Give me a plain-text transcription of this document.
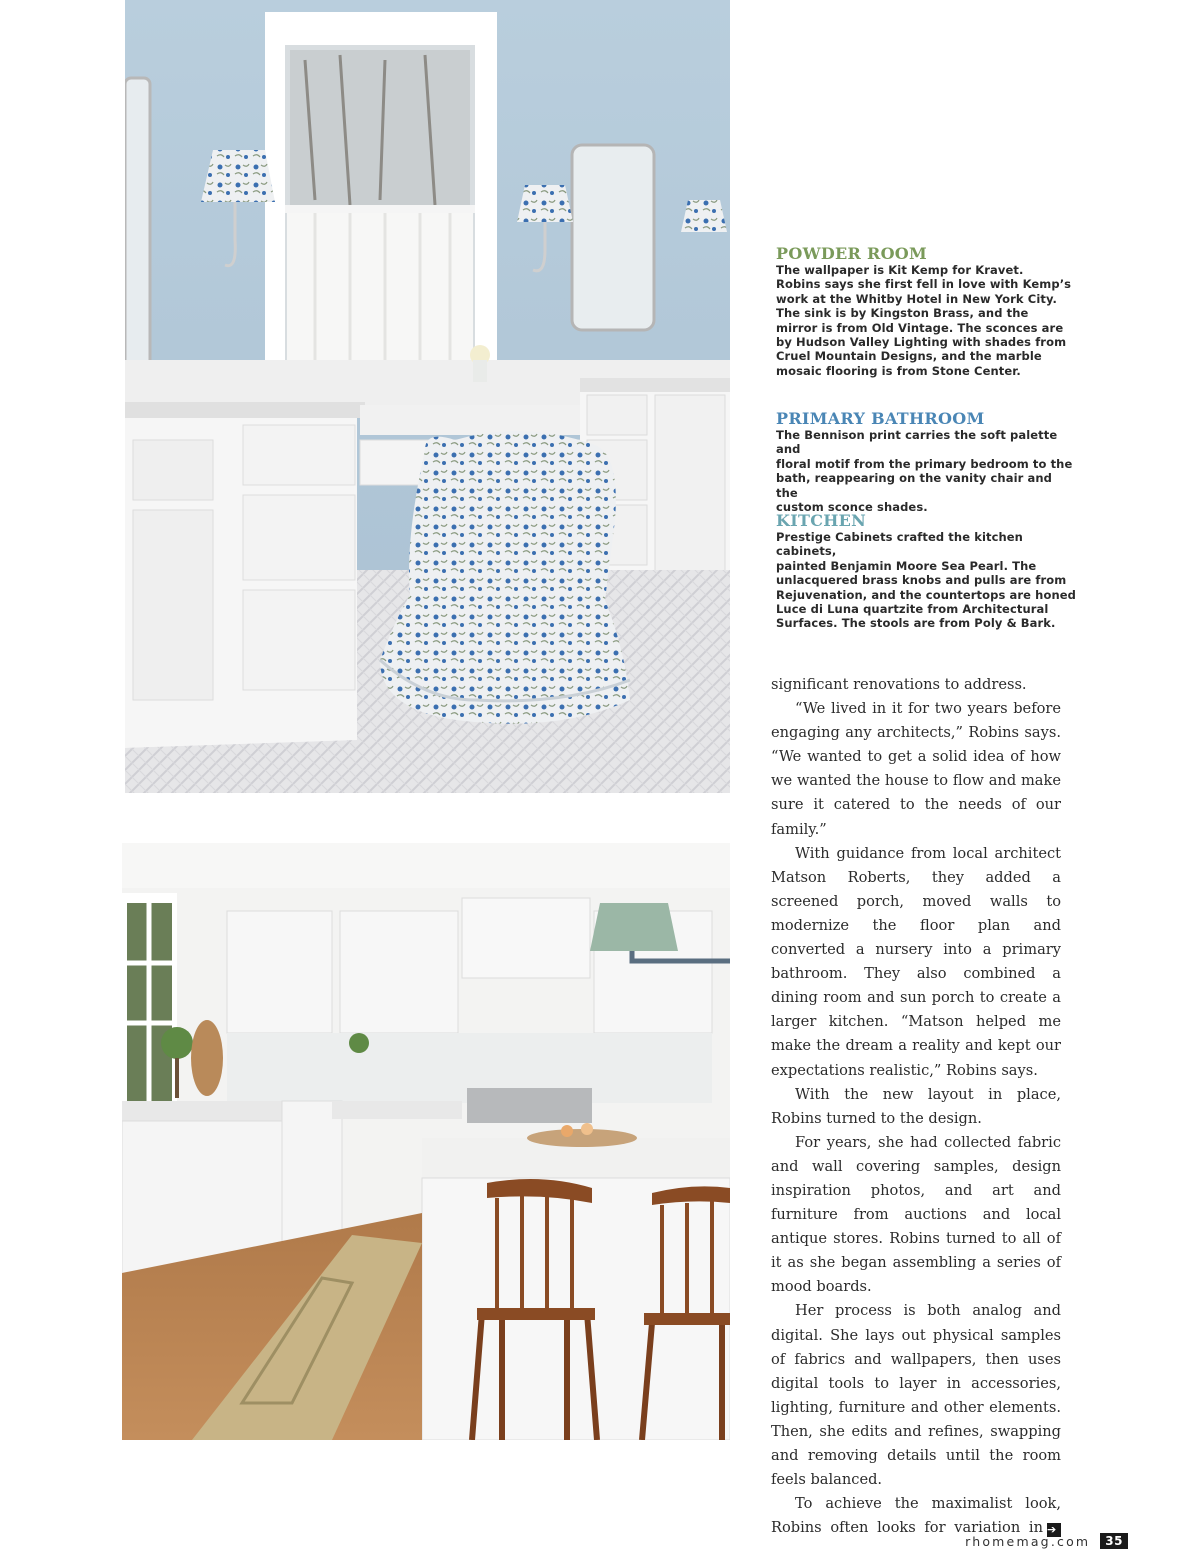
POWDER ROOM

The wallpaper is Kit Kemp for Kravet.
Robins says she first fell in love with Kemp’s
work at the Whitby Hotel in New York City.
The sink is by Kingston Brass, and the
mirror is from Old Vintage. The sconces are
by Hudson Valley Lighting with shades from
Cruel Mountain Designs, and the marble
mosaic flooring is from Stone Center.

PRIMARY BATHROOM

The Bennison print carries the soft palette and
floral motif from the primary bedroom to the
bath, reappearing on the vanity chair and the
custom sconce shades.

KITCHEN

Prestige Cabinets crafted the kitchen cabinets,
painted Benjamin Moore Sea Pearl. The
unlacquered brass knobs and pulls are from
Rejuvenation, and the countertops are honed
Luce di Luna quartzite from Architectural
Surfaces. The stools are from Poly & Bark.

significant renovations to address.

“We lived in it for two years before engaging any architects,” Robins says. “We wanted to get a solid idea of how we wanted the house to flow and make sure it catered to the needs of our family.”

With guidance from local architect Matson Roberts, they added a screened porch, moved walls to modernize the floor plan and converted a nursery into a primary bathroom. They also combined a dining room and sun porch to create a larger kitchen. “Matson helped me make the dream a reality and kept our expectations realistic,” Robins says.

With the new layout in place, Robins turned to the design.

For years, she had collected fabric and wall covering samples, design inspiration photos, and art and furniture from auctions and local antique stores. Robins turned to all of it as she began assembling a series of mood boards.

Her process is both analog and digital. She lays out physical samples of fabrics and wallpapers, then uses digital tools to layer in accessories, lighting, furniture and other elements. Then, she edits and refines, swapping and removing details until the room feels balanced.

To achieve the maximalist look, Robins often looks for variation in ➔

rhomemag.com	35
